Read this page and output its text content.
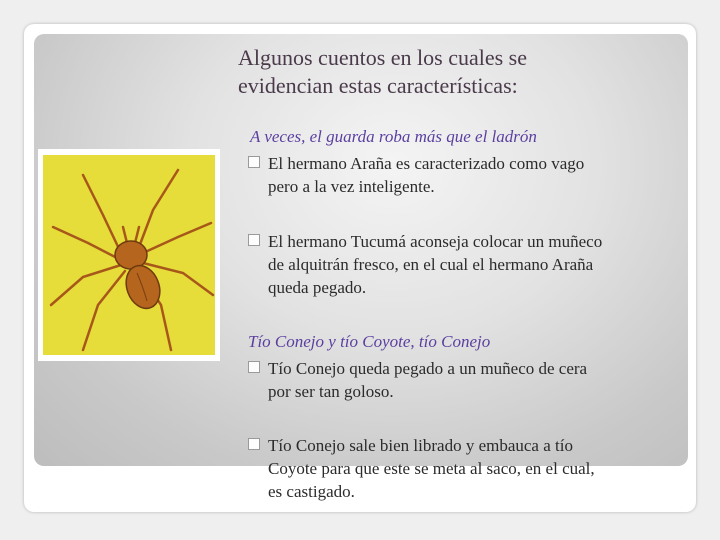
Algunos cuentos en los cuales se
evidencian estas características:
A veces, el guarda roba más que el ladrón
El hermano Araña es caracterizado como vago
pero a la vez inteligente.
El hermano Tucumá aconseja colocar un muñeco
de alquitrán fresco, en el cual el hermano Araña
queda pegado.
Tío Conejo y tío Coyote, tío Conejo
Tío Conejo queda pegado a un muñeco de cera
por ser tan goloso.
Tío Conejo sale bien librado y embauca a tío
Coyote para que este se meta al saco, en el cual,
es castigado.
